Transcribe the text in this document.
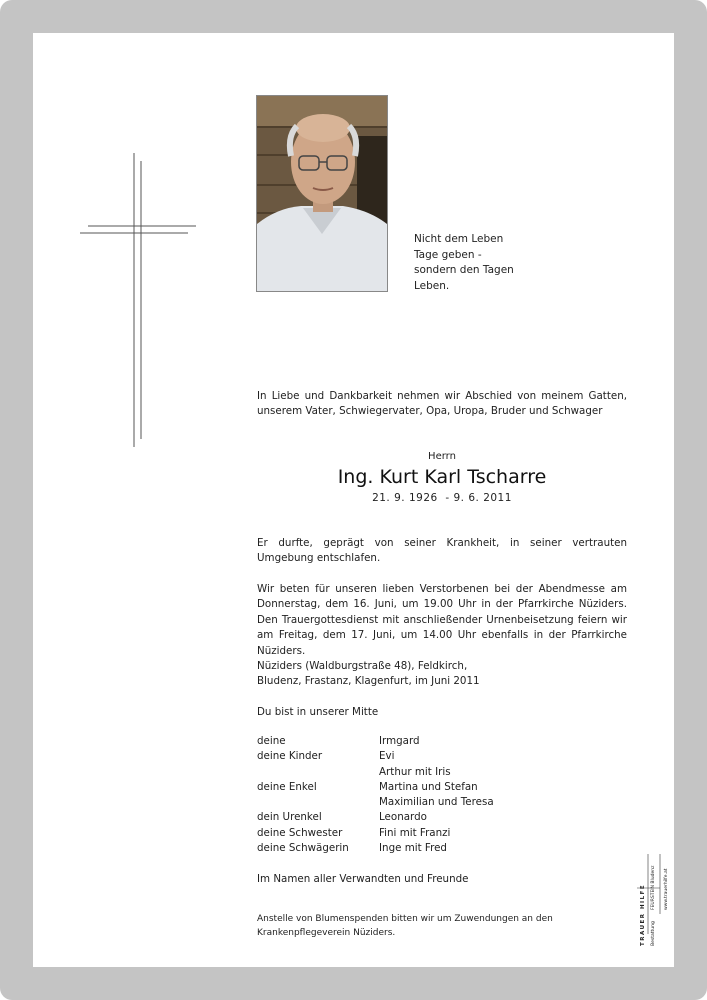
Nicht dem Leben
Tage geben -
sondern den Tagen
Leben.
In Liebe und Dankbarkeit nehmen wir Abschied von meinem Gatten, unserem Vater, Schwiegervater, Opa, Uropa, Bruder und Schwager
Herrn
Ing. Kurt Karl Tscharre
21. 9. 1926  - 9. 6. 2011
Er durfte, geprägt von seiner Krankheit, in seiner vertrauten Umgebung entschlafen.
Wir beten für unseren lieben Verstorbenen bei der Abendmesse am Donnerstag, dem 16. Juni, um 19.00 Uhr in der Pfarrkirche Nüziders. Den Trauergottesdienst mit anschließender Urnenbeisetzung feiern wir am Freitag, dem 17. Juni, um 14.00 Uhr ebenfalls in der Pfarrkirche Nüziders.
Nüziders (Waldburgstraße 48), Feldkirch,
Bludenz, Frastanz, Klagenfurt, im Juni 2011
Du bist in unserer Mitte
deine	Irmgard
deine Kinder	Evi
Arthur mit Iris
deine Enkel	Martina und Stefan
Maximilian und Teresa
dein Urenkel	Leonardo
deine Schwester	Fini mit Franzi
deine Schwägerin	Inge mit Fred
Im Namen aller Verwandten und Freunde
Anstelle von Blumenspenden bitten wir um Zuwendungen an den Krankenpflegeverein Nüziders.	TRAUER HILFE Bestattung
FEURSTEIN Bludenz www.trauerhilfe.at
